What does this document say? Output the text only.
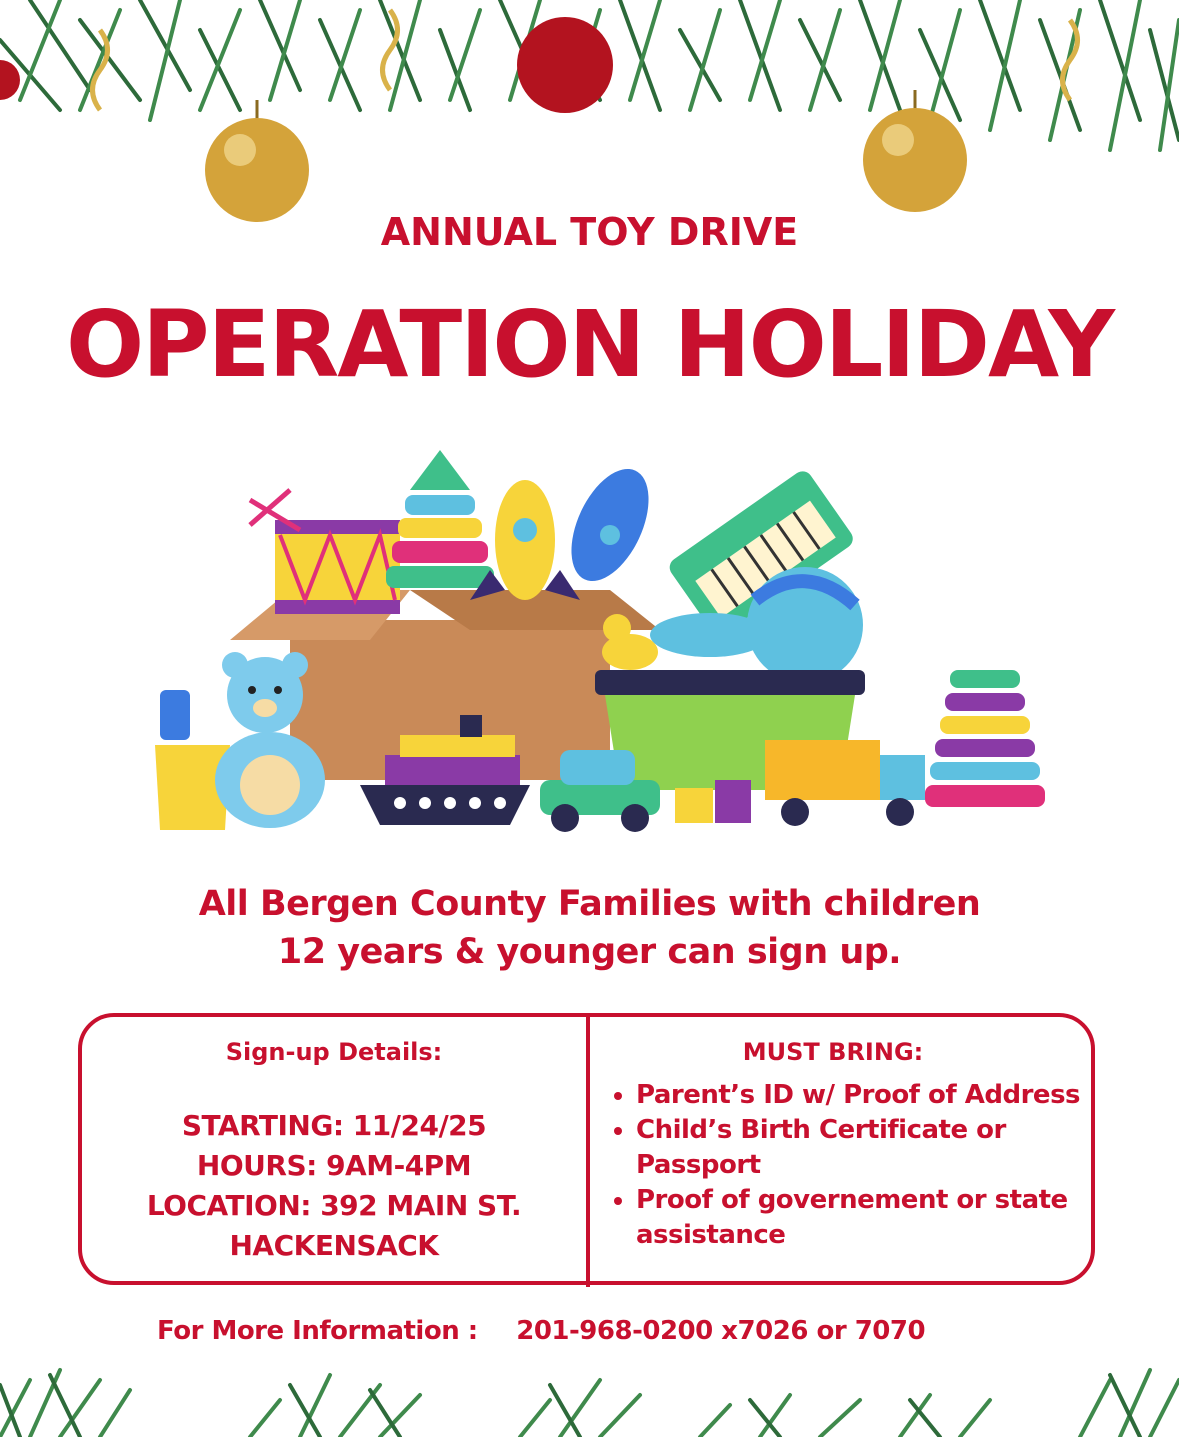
ANNUAL TOY DRIVE
OPERATION HOLIDAY
All Bergen County Families with children
12 years & younger can sign up.
Sign-up Details:
STARTING: 11/24/25
HOURS: 9AM-4PM
LOCATION: 392 MAIN ST.
HACKENSACK
MUST BRING:
• Parent’s ID w/ Proof of Address
• Child’s Birth Certificate or Passport
• Proof of governement or state assistance
For More Information : 201-968-0200 x7026 or 7070
